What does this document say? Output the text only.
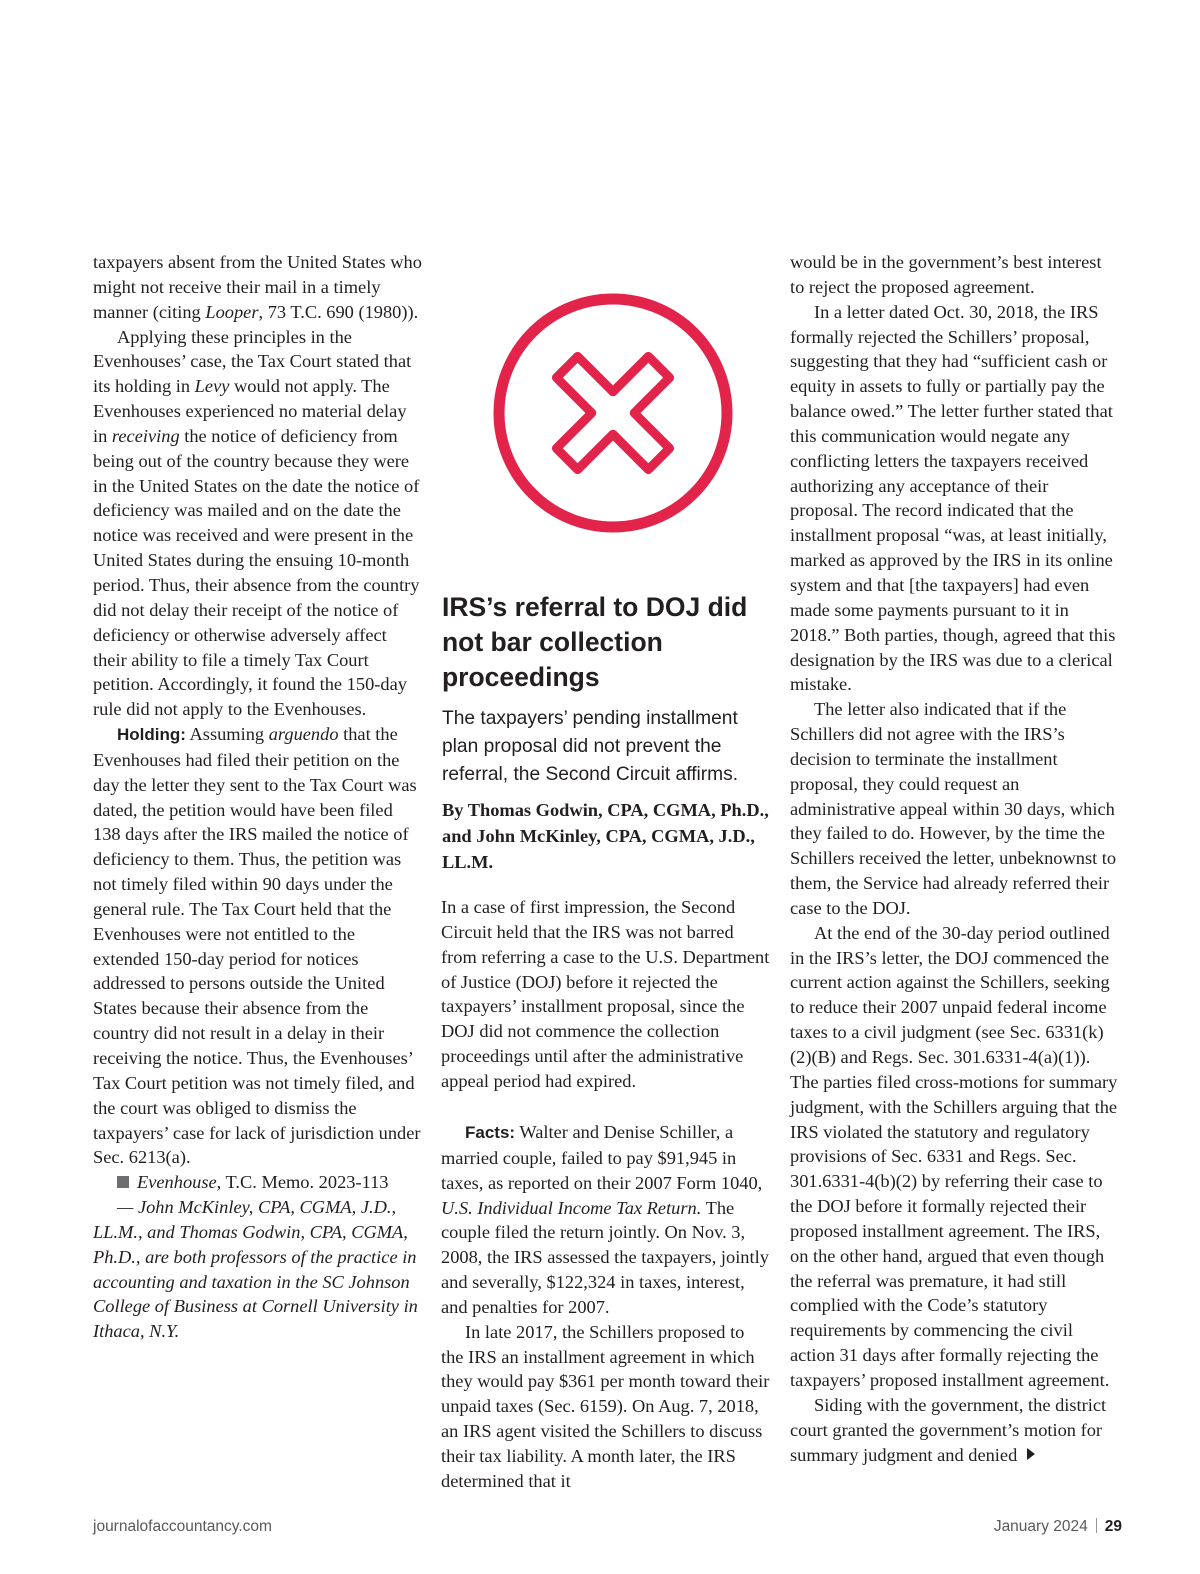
taxpayers absent from the United States who might not receive their mail in a timely manner (citing Looper, 73 T.C. 690 (1980)).

Applying these principles in the Evenhouses’ case, the Tax Court stated that its holding in Levy would not apply. The Evenhouses experienced no material delay in receiving the notice of deficiency from being out of the country because they were in the United States on the date the notice of deficiency was mailed and on the date the notice was received and were present in the United States during the ensuing 10-month period. Thus, their absence from the country did not delay their receipt of the notice of deficiency or otherwise adversely affect their ability to file a timely Tax Court petition. Accordingly, it found the 150-day rule did not apply to the Evenhouses.

Holding: Assuming arguendo that the Evenhouses had filed their petition on the day the letter they sent to the Tax Court was dated, the petition would have been filed 138 days after the IRS mailed the notice of deficiency to them. Thus, the petition was not timely filed within 90 days under the general rule. The Tax Court held that the Evenhouses were not entitled to the extended 150-day period for notices addressed to persons outside the United States because their absence from the country did not result in a delay in their receiving the notice. Thus, the Evenhouses’ Tax Court petition was not timely filed, and the court was obliged to dismiss the taxpayers’ case for lack of jurisdiction under Sec. 6213(a).

Evenhouse, T.C. Memo. 2023-113

— John McKinley, CPA, CGMA, J.D., LL.M., and Thomas Godwin, CPA, CGMA, Ph.D., are both professors of the practice in accounting and taxation in the SC Johnson College of Business at Cornell University in Ithaca, N.Y.

IRS’s referral to DOJ did not bar collection proceedings
The taxpayers’ pending installment plan proposal did not prevent the referral, the Second Circuit affirms.
By Thomas Godwin, CPA, CGMA, Ph.D., and John McKinley, CPA, CGMA, J.D., LL.M.

In a case of first impression, the Second Circuit held that the IRS was not barred from referring a case to the U.S. Department of Justice (DOJ) before it rejected the taxpayers’ installment proposal, since the DOJ did not commence the collection proceedings until after the administrative appeal period had expired.

Facts: Walter and Denise Schiller, a married couple, failed to pay $91,945 in taxes, as reported on their 2007 Form 1040, U.S. Individual Income Tax Return. The couple filed the return jointly. On Nov. 3, 2008, the IRS assessed the taxpayers, jointly and severally, $122,324 in taxes, interest, and penalties for 2007.

In late 2017, the Schillers proposed to the IRS an installment agreement in which they would pay $361 per month toward their unpaid taxes (Sec. 6159). On Aug. 7, 2018, an IRS agent visited the Schillers to discuss their tax liability. A month later, the IRS determined that it

would be in the government’s best interest to reject the proposed agreement.

In a letter dated Oct. 30, 2018, the IRS formally rejected the Schillers’ proposal, suggesting that they had “sufficient cash or equity in assets to fully or partially pay the balance owed.” The letter further stated that this communication would negate any conflicting letters the taxpayers received authorizing any acceptance of their proposal. The record indicated that the installment proposal “was, at least initially, marked as approved by the IRS in its online system and that [the taxpayers] had even made some payments pursuant to it in 2018.” Both parties, though, agreed that this designation by the IRS was due to a clerical mistake.

The letter also indicated that if the Schillers did not agree with the IRS’s decision to terminate the installment proposal, they could request an administrative appeal within 30 days, which they failed to do. However, by the time the Schillers received the letter, unbeknownst to them, the Service had already referred their case to the DOJ.

At the end of the 30-day period outlined in the IRS’s letter, the DOJ commenced the current action against the Schillers, seeking to reduce their 2007 unpaid federal income taxes to a civil judgment (see Sec. 6331(k)(2)(B) and Regs. Sec. 301.6331-4(a)(1)). The parties filed cross-motions for summary judgment, with the Schillers arguing that the IRS violated the statutory and regulatory provisions of Sec. 6331 and Regs. Sec. 301.6331-4(b)(2) by referring their case to the DOJ before it formally rejected their proposed installment agreement. The IRS, on the other hand, argued that even though the referral was premature, it had still complied with the Code’s statutory requirements by commencing the civil action 31 days after formally rejecting the taxpayers’ proposed installment agreement.

Siding with the government, the district court granted the government’s motion for summary judgment and denied

journalofaccountancy.com	January 2024 29
